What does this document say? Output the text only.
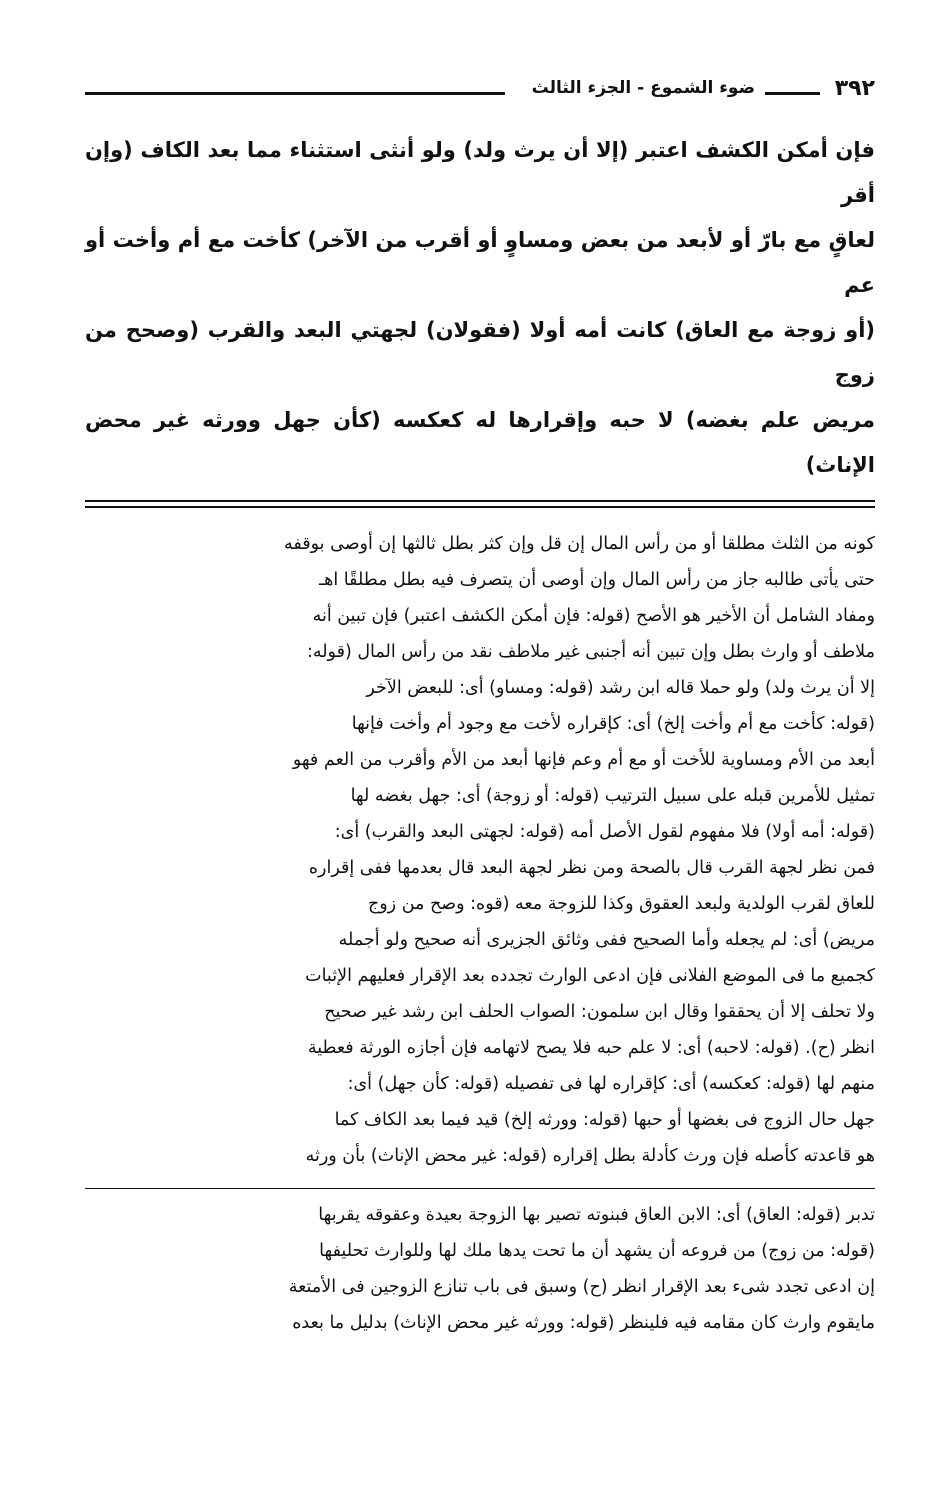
٣٩٢
ضوء الشموع - الجزء الثالث

فإن أمكن الكشف اعتبر (إلا أن يرث ولد) ولو أنثى استثناء مما بعد الكاف (وإن أقر

لعاقٍ مع بارّ أو لأبعد من بعض ومساوٍ أو أقرب من الآخر) كأخت مع أم وأخت أو عم

(أو زوجة مع العاق) كانت أمه أولا (فقولان) لجهتي البعد والقرب (وصحح من زوج

مريض علم بغضه) لا حبه وإقرارها له كعكسه (كأن جهل وورثه غير محض الإناث)

كونه من الثلث مطلقا أو من رأس المال إن قل وإن كثر بطل ثالثها إن أوصى بوقفه

حتى يأتى طالبه جاز من رأس المال وإن أوصى أن يتصرف فيه بطل مطلقًا اهـ

ومفاد الشامل أن الأخير هو الأصح (قوله: فإن أمكن الكشف اعتبر) فإن تبين أنه

ملاطف أو وارث بطل وإن تبين أنه أجنبى غير ملاطف نقد من رأس المال (قوله:

إلا أن يرث ولد) ولو حملا قاله ابن رشد (قوله: ومساو) أى: للبعض الآخر

(قوله: كأخت مع أم وأخت إلخ) أى: كإقراره لأخت مع وجود أم وأخت فإنها

أبعد من الأم ومساوية للأخت أو مع أم وعم فإنها أبعد من الأم وأقرب من العم فهو

تمثيل للأمرين قبله على سبيل الترتيب (قوله: أو زوجة) أى: جهل بغضه لها

(قوله: أمه أولا) فلا مفهوم لقول الأصل أمه (قوله: لجهتى البعد والقرب) أى:

فمن نظر لجهة القرب قال بالصحة ومن نظر لجهة البعد قال بعدمها ففى إقراره

للعاق لقرب الولدية ولبعد العقوق وكذا للزوجة معه (قوه: وصح من زوج

مريض) أى: لم يجعله وأما الصحيح ففى وثائق الجزيرى أنه صحيح ولو أجمله

كجميع ما فى الموضع الفلانى فإن ادعى الوارث تجدده بعد الإقرار فعليهم الإثبات

ولا تحلف إلا أن يحققوا وقال ابن سلمون: الصواب الحلف ابن رشد غير صحيح

انظر (ح). (قوله: لاحبه) أى: لا علم حبه فلا يصح لاتهامه فإن أجازه الورثة فعطية

منهم لها (قوله: كعكسه) أى: كإقراره لها فى تفصيله (قوله: كأن جهل) أى:

جهل حال الزوج فى بغضها أو حبها (قوله: وورثه إلخ) قيد فيما بعد الكاف كما

هو قاعدته كأصله فإن ورث كأدلة بطل إقراره (قوله: غير محض الإناث) بأن ورثه

تدبر (قوله: العاق) أى: الابن العاق فبنوته تصير بها الزوجة بعيدة وعقوقه يقربها

(قوله: من زوج) من فروعه أن يشهد أن ما تحت يدها ملك لها وللوارث تحليفها

إن ادعى تجدد شىء بعد الإقرار انظر (ح) وسبق فى باب تنازع الزوجين فى الأمتعة

مايقوم وارث كان مقامه فيه فلينظر (قوله: وورثه غير محض الإناث) بدليل ما بعده
